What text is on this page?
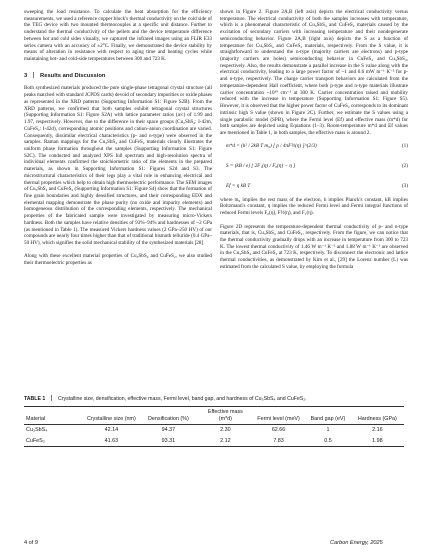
sweeping the load resistance. To calculate the heat absorption for the efficiency measurements, we used a reference copper block's thermal conductivity on the cold side of the TEG device with two mounted thermocouples at a specific unit distance. Further to understand the thermal conductivity of the pellets and the device temperature difference between hot and cold sides visually, we captured the infrared images using an FLIR E33 series camera with an accuracy of ±2°C. Finally, we demonstrated the device stability by means of alteration in resistance with respect to aging time and heating cycles while maintaining hot- and cold-side temperatures between 300 and 723 K.

3 Results and Discussion

Both synthesized materials produced the pure single-phase tetragonal crystal structure (all peaks matched with standard JCPDS cards) devoid of secondary impurities or oxide phases as represented in the XRD patterns (Supporting Information S1: Figure S2B). From the XRD patterns, we confirmed that both samples exhibit tetragonal crystal structures (Supporting Information S1: Figure S2A) with lattice parameter ratios (a/c) of 1.99 and 1.97, respectively. However, due to the difference in their space groups (Cu₂SbS₄: I-42m, CuFeS₂: I-42d), corresponding atomic positions and cation–anion coordination are varied. Consequently, dissimilar electrical characteristics (p- and n-type) were observed in the samples. Raman mappings for the Cu₃SbS₄ and CuFeS₂ materials clearly illustrates the uniform phase formation throughout the samples (Supporting Information S1: Figure S2C). The conducted and analyzed XPS full spectrum and high-resolution spectra of individual elements confirmed the stoichiometric ratio of the elements in the prepared materials, as shown in Supporting Information S1: Figures S2d and S3. The microstructural characteristics of their legs play a vital role in enhancing electrical and thermal properties which help to obtain high thermoelectric performance. The SEM images of Cu₃SbS₄ and CuFeS₂ (Supporting Information S1: Figure S4) show that the formation of fine grain boundaries and highly densified structures, and their corresponding EDX and elemental mapping demonstrate the phase purity (no oxide and impurity elements) and homogeneous distribution of the corresponding elements, respectively. The mechanical properties of the fabricated sample were investigated by measuring micro-Vickers hardness. Both the samples have relative densities of 93%–94% and hardnesses of ~2 GPa (as mentioned in Table 1). The measured Vickers hardness values (2 GPa–250 HV) of our compounds are nearly four times higher than that of traditional bismuth telluride (0.4 GPa–50 HV), which signifies the solid mechanical stability of the synthesized materials [28]

Along with these excellent material properties of Cu₃SbS₄ and CuFeS₂, we also studied their thermoelectric properties as

shown in Figure 2. Figure 2A,B (left axis) depicts the electrical conductivity versus temperature. The electrical conductivity of both the samples increases with temperature, which is a phenomenal characteristic of Cu₃SbS₄ and CuFeS₂ materials caused by the excitation of secondary carriers with increasing temperature and their nondegenerate semiconducting behavior. Figure 2A,B (right axis) depicts the S as a function of temperature for Cu₃SbS₄ and CuFeS₂ materials, respectively. From the S value, it is straightforward to understand the n-type (majority carriers are electrons) and p-type (majority carriers are holes) semiconducting behavior in CuFeS₂ and Cu₃SbS₄, respectively. Also, the results demonstrate a parallel increase in the S value along with the electrical conductivity, leading to a large power factor of ~1 and 0.6 mW m⁻¹ K⁻² for p- and n-type, respectively. The charge carrier transport behaviors are calculated from the temperature-dependent Hall coefficient, where both p-type and n-type materials illustrate carrier concentration ~10¹⁹ cm⁻³ at 300 K. Carrier concentration raised and mobility reduced with the increase in temperature (Supporting Information S1: Figure S5). However, it is observed that the higher power factor of CuFeS₂ corresponds to its dominant intrinsic high S value (shown in Figure 2C). Further, we estimate the S values using a single parabolic model (SPB), where the Fermi level (Ef) and effective mass (m*d) for both samples are depicted using Equations (1–3). Room-temperature m*d and Ef values are mentioned in Table 1, in both samples, the effective mass is around 2.

m*d = (h² / 2kB T m₀) [ p / 4πF½(η) ]^(2/3)	(1)
S = (kB / e) [ 2F₁(η) / F₀(η) − η ]	(2)
Ef = η kB T	(3)

where m₀ implies the rest mass of the electron, h implies Planck's constant, kB implies Boltzmann's constant, η implies the reduced Fermi level and Fermi integral functions of reduced Fermi levels F₀(η), F½(η), and F₁(η).

Figure 2D represents the temperature-dependent thermal conductivity of p- and n-type materials, that is, Cu₃SbS₄ and CuFeS₂, respectively. From the figure, we can notice that the thermal conductivity gradually drops with an increase in temperature from 300 to 723 K. The lowest thermal conductivity of 1.46 W m⁻¹ K⁻¹ and 1.88 W m⁻¹ K⁻¹ are observed in the Cu₃SbS₄ and CuFeS₂ at 723 K, respectively. To disconnect the electronic and lattice thermal conductivities, as demonstrated by Kim et al., [29] the Lorenz number (L) was estimated from the calculated S value, by employing the formula

TABLE 1 Crystalline size, densification, effective mass, Fermi level, band gap, and hardness of Cu₃SbS₄ and CuFeS₂.
Material	Crystalline size (nm)	Densification (%)	Effective mass (m*d)	Fermi level (meV)	Band gap (eV)	Hardness (GPa)
Cu₃SbS₄	42.14	94.37	2.30	62.66	1	2.16
CuFeS₂	41.63	93.31	2.12	7.83	0.5	1.98
4 of 9	Carbon Energy, 2025
